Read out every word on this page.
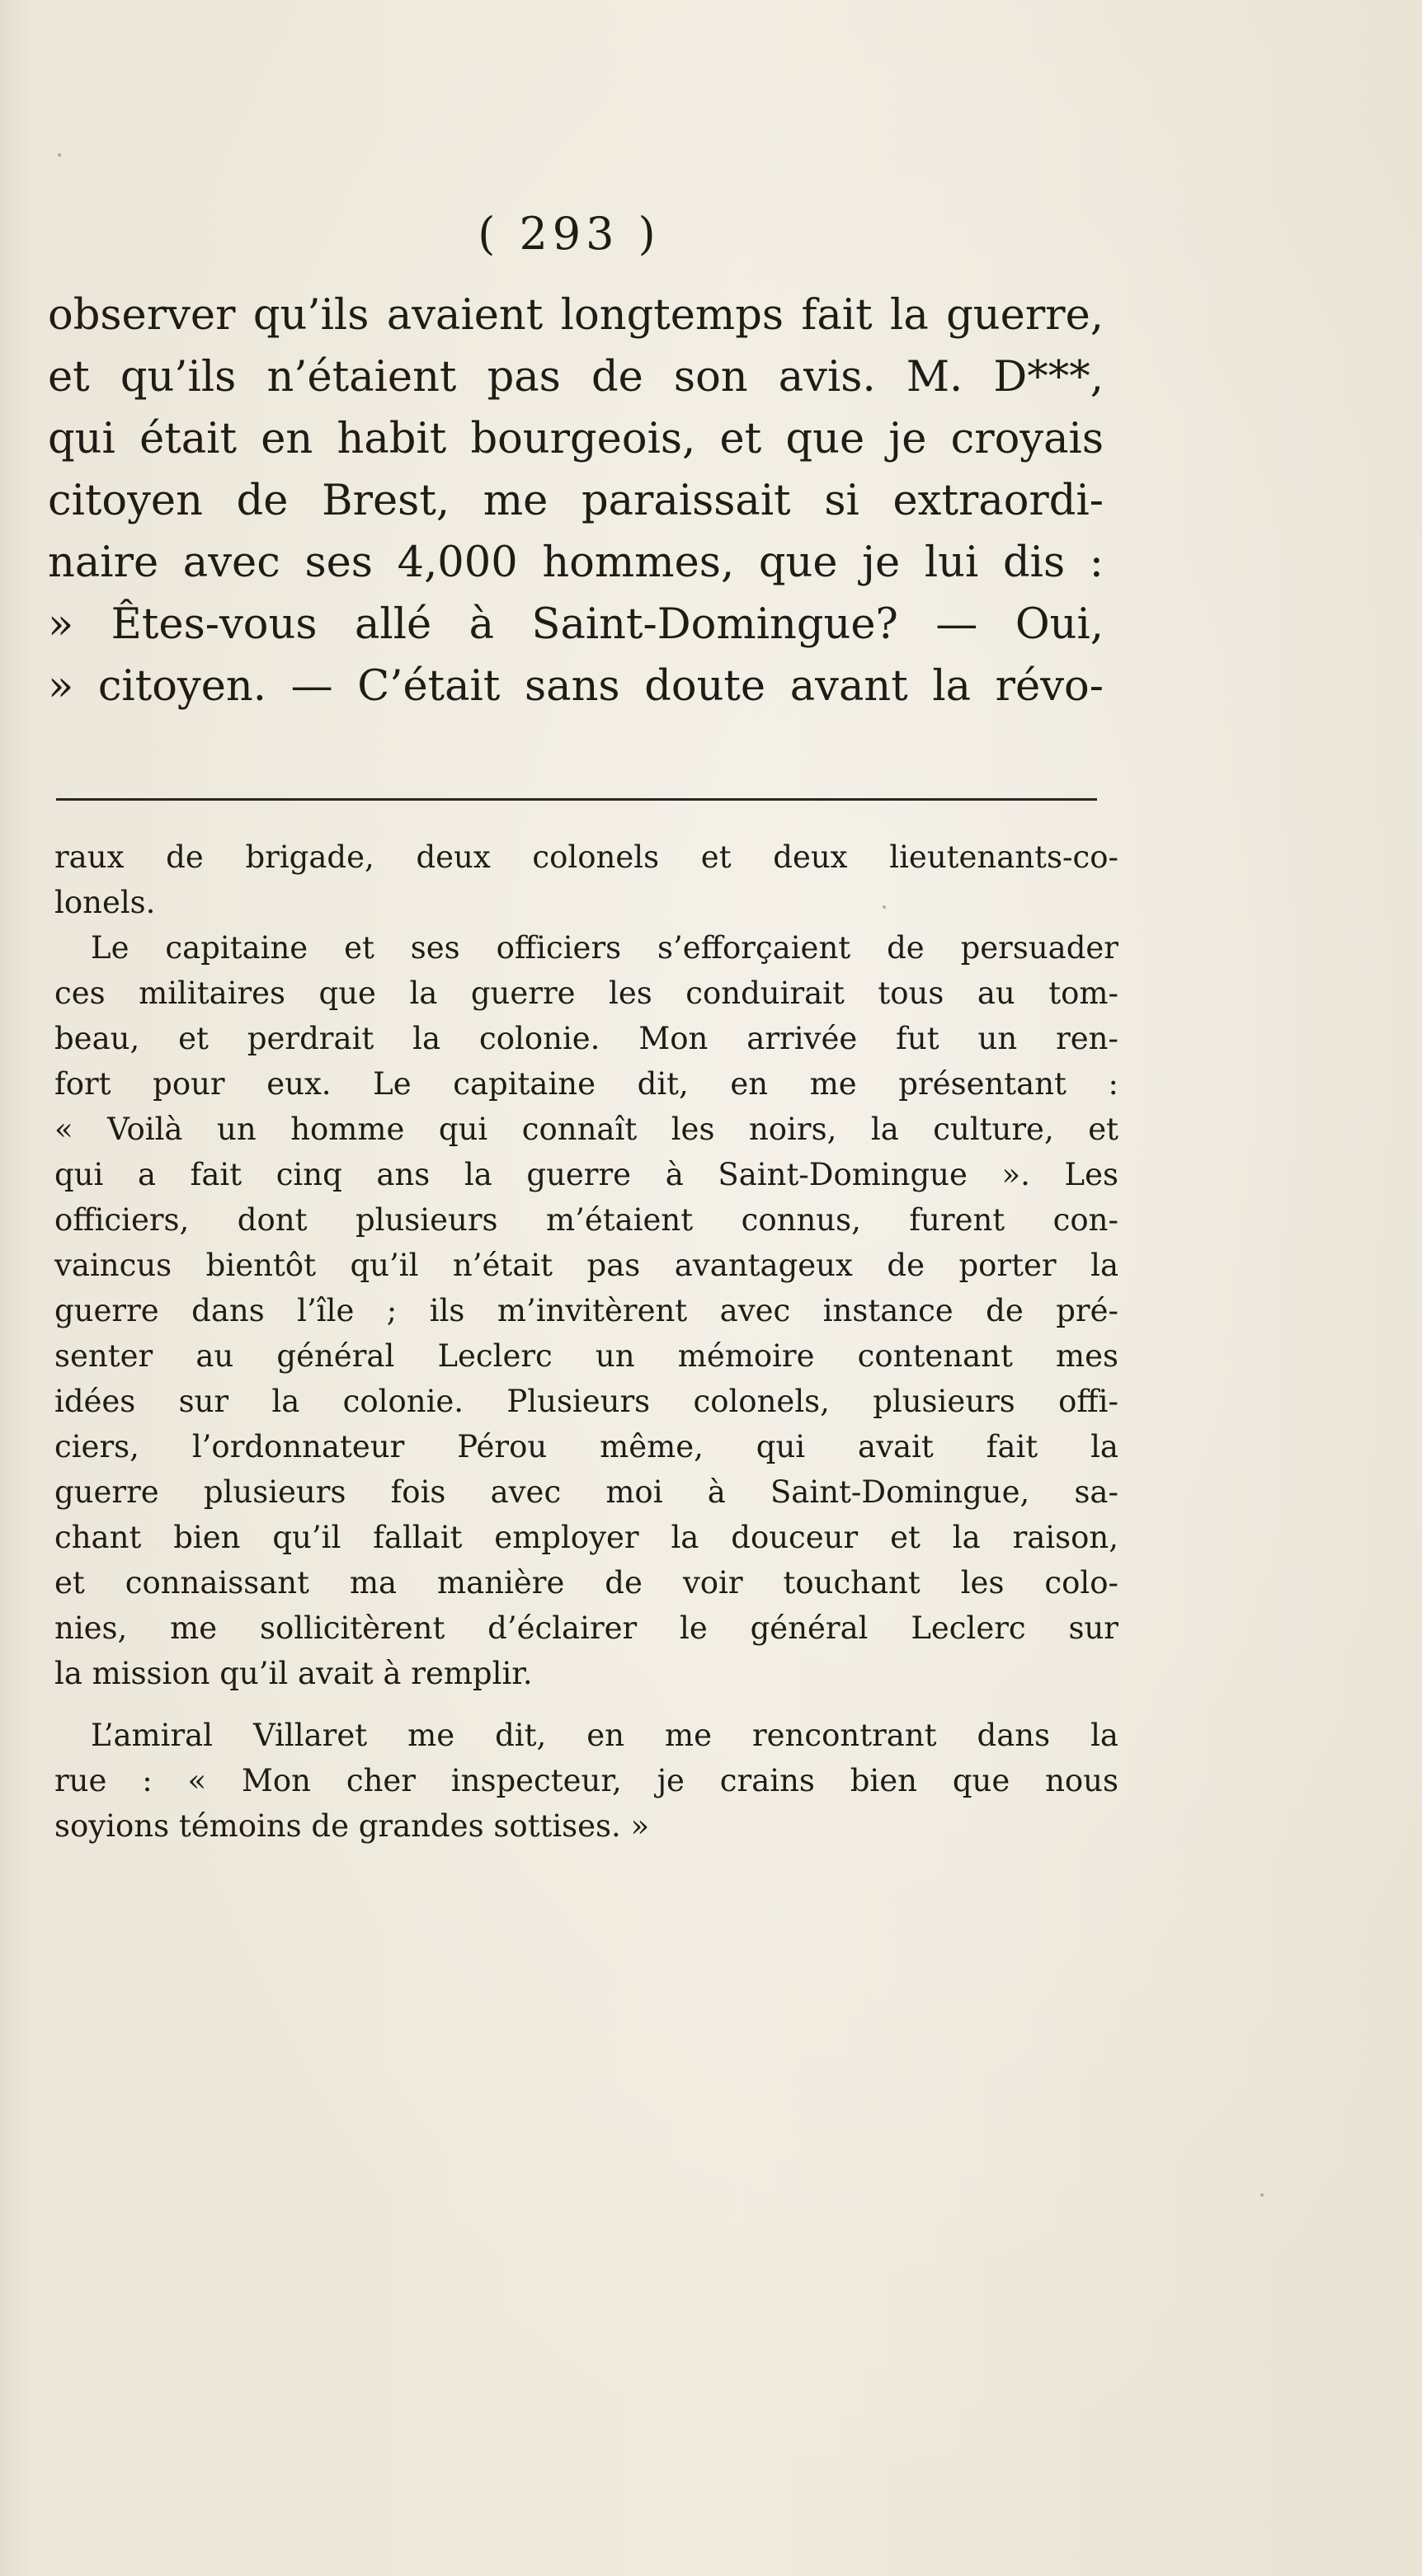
( 293 )
observer qu’ils avaient longtemps fait la guerre,
et qu’ils n’étaient pas de son avis. M. D***,
qui était en habit bourgeois, et que je croyais
citoyen de Brest, me paraissait si extraordi-
naire avec ses 4,000 hommes, que je lui dis :
» Êtes-vous allé à Saint-Domingue? — Oui,
» citoyen. — C’était sans doute avant la révo-
raux de brigade, deux colonels et deux lieutenants-co-
lonels.
Le capitaine et ses officiers s’efforçaient de persuader
ces militaires que la guerre les conduirait tous au tom-
beau, et perdrait la colonie. Mon arrivée fut un ren-
fort pour eux. Le capitaine dit, en me présentant :
« Voilà un homme qui connaît les noirs, la culture, et
qui a fait cinq ans la guerre à Saint-Domingue ». Les
officiers, dont plusieurs m’étaient connus, furent con-
vaincus bientôt qu’il n’était pas avantageux de porter la
guerre dans l’île ; ils m’invitèrent avec instance de pré-
senter au général Leclerc un mémoire contenant mes
idées sur la colonie. Plusieurs colonels, plusieurs offi-
ciers, l’ordonnateur Pérou même, qui avait fait la
guerre plusieurs fois avec moi à Saint-Domingue, sa-
chant bien qu’il fallait employer la douceur et la raison,
et connaissant ma manière de voir touchant les colo-
nies, me sollicitèrent d’éclairer le général Leclerc sur
la mission qu’il avait à remplir.
L’amiral Villaret me dit, en me rencontrant dans la
rue : « Mon cher inspecteur, je crains bien que nous
soyions témoins de grandes sottises. »
